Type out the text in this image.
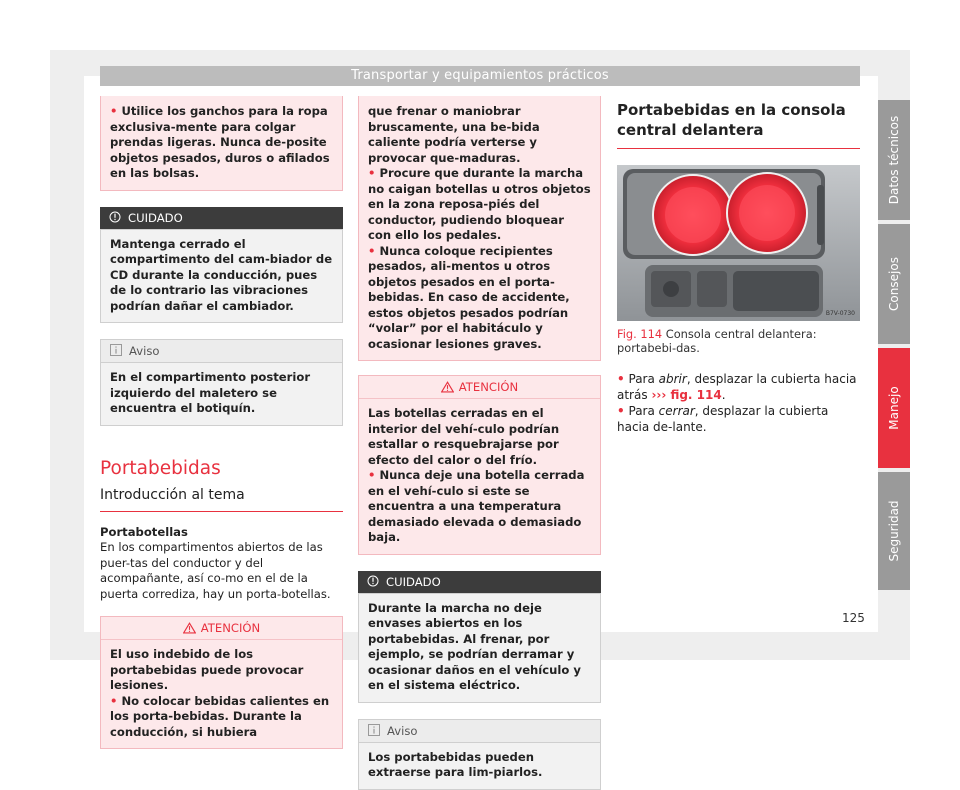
Transportar y equipamientos prácticos
• Utilice los ganchos para la ropa exclusiva-mente para colgar prendas ligeras. Nunca de-posite objetos pesados, duros o afilados en las bolsas.
CUIDADO
Mantenga cerrado el compartimento del cam-biador de CD durante la conducción, pues de lo contrario las vibraciones podrían dañar el cambiador.
Aviso
En el compartimento posterior izquierdo del maletero se encuentra el botiquín.
Portabebidas
Introducción al tema

Portabotellas

En los compartimentos abiertos de las puer-tas del conductor y del acompañante, así co-mo en el de la puerta corrediza, hay un porta-botellas.

ATENCIÓN

El uso indebido de los portabebidas puede provocar lesiones.

• No colocar bebidas calientes en los porta-bebidas. Durante la conducción, si hubiera

que frenar o maniobrar bruscamente, una be-bida caliente podría verterse y provocar que-maduras.

• Procure que durante la marcha no caigan botellas u otros objetos en la zona reposa-piés del conductor, pudiendo bloquear con ello los pedales.

• Nunca coloque recipientes pesados, ali-mentos u otros objetos pesados en el porta-bebidas. En caso de accidente, estos objetos pesados podrían “volar” por el habitáculo y ocasionar lesiones graves.

ATENCIÓN

Las botellas cerradas en el interior del vehí-culo podrían estallar o resquebrajarse por efecto del calor o del frío.

• Nunca deje una botella cerrada en el vehí-culo si este se encuentra a una temperatura demasiado elevada o demasiado baja.

CUIDADO
Durante la marcha no deje envases abiertos en los portabebidas. Al frenar, por ejemplo, se podrían derramar y ocasionar daños en el vehículo y en el sistema eléctrico.
Aviso
Los portabebidas pueden extraerse para lim-piarlos.
Portabebidas en la consola central delantera
B7V-0730
Fig. 114 Consola central delantera: portabebi-das.

• Para abrir, desplazar la cubierta hacia atrás ››› fig. 114.

• Para cerrar, desplazar la cubierta hacia de-lante.

Datos técnicos
Consejos
Manejo
Seguridad
125
